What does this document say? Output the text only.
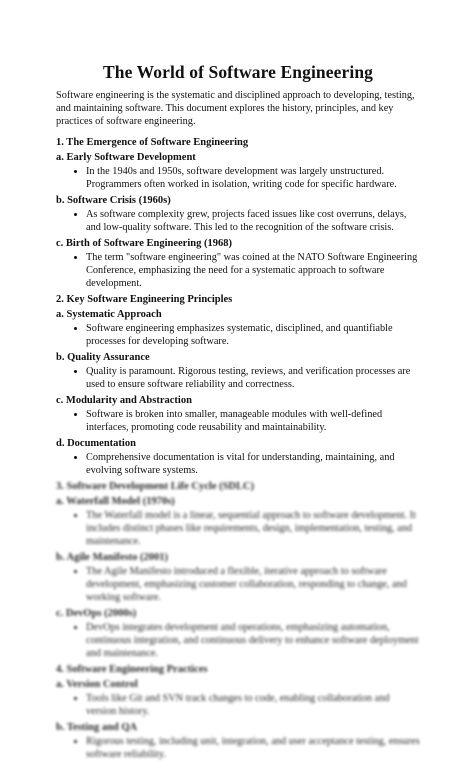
The World of Software Engineering

Software engineering is the systematic and disciplined approach to developing, testing, and maintaining software. This document explores the history, principles, and key practices of software engineering.

1. The Emergence of Software Engineering
a. Early Software Development
• In the 1940s and 1950s, software development was largely unstructured. Programmers often worked in isolation, writing code for specific hardware.
b. Software Crisis (1960s)
• As software complexity grew, projects faced issues like cost overruns, delays, and low-quality software. This led to the recognition of the software crisis.
c. Birth of Software Engineering (1968)
• The term "software engineering" was coined at the NATO Software Engineering Conference, emphasizing the need for a systematic approach to software development.
2. Key Software Engineering Principles
a. Systematic Approach
• Software engineering emphasizes systematic, disciplined, and quantifiable processes for developing software.
b. Quality Assurance
• Quality is paramount. Rigorous testing, reviews, and verification processes are used to ensure software reliability and correctness.
c. Modularity and Abstraction
• Software is broken into smaller, manageable modules with well-defined interfaces, promoting code reusability and maintainability.
d. Documentation
• Comprehensive documentation is vital for understanding, maintaining, and evolving software systems.
3. Software Development Life Cycle (SDLC)
a. Waterfall Model (1970s)
• The Waterfall model is a linear, sequential approach to software development. It includes distinct phases like requirements, design, implementation, testing, and maintenance.
b. Agile Manifesto (2001)
• The Agile Manifesto introduced a flexible, iterative approach to software development, emphasizing customer collaboration, responding to change, and working software.
c. DevOps (2000s)
• DevOps integrates development and operations, emphasizing automation, continuous integration, and continuous delivery to enhance software deployment and maintenance.
4. Software Engineering Practices
a. Version Control
• Tools like Git and SVN track changes to code, enabling collaboration and version history.
b. Testing and QA
• Rigorous testing, including unit, integration, and user acceptance testing, ensures software reliability.
